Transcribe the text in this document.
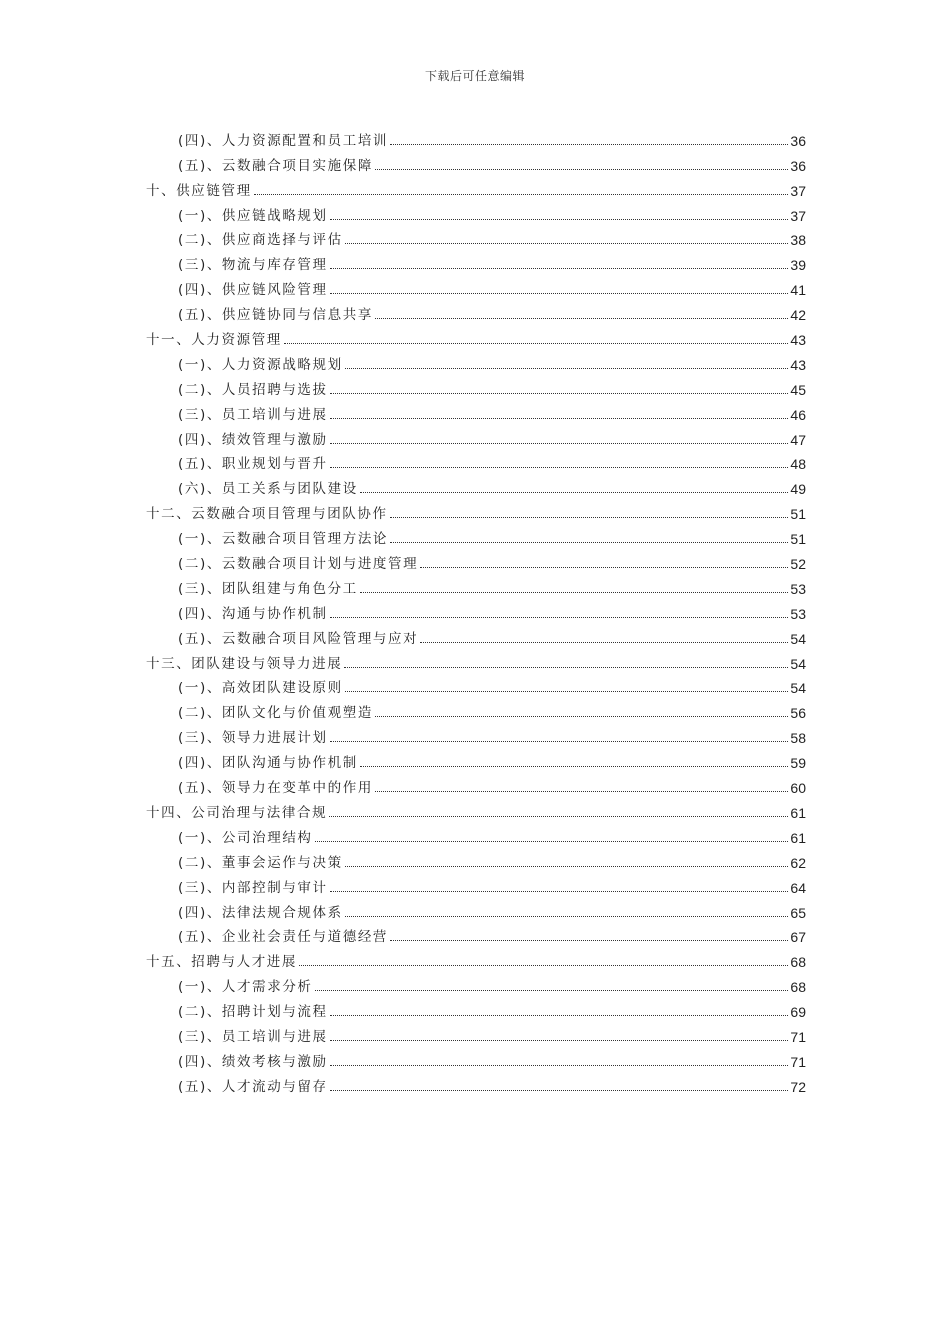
下载后可任意编辑
(四)、人力资源配置和员工培训	36
(五)、云数融合项目实施保障	36
十、供应链管理	37
(一)、供应链战略规划	37
(二)、供应商选择与评估	38
(三)、物流与库存管理	39
(四)、供应链风险管理	41
(五)、供应链协同与信息共享	42
十一、人力资源管理	43
(一)、人力资源战略规划	43
(二)、人员招聘与选拔	45
(三)、员工培训与进展	46
(四)、绩效管理与激励	47
(五)、职业规划与晋升	48
(六)、员工关系与团队建设	49
十二、云数融合项目管理与团队协作	51
(一)、云数融合项目管理方法论	51
(二)、云数融合项目计划与进度管理	52
(三)、团队组建与角色分工	53
(四)、沟通与协作机制	53
(五)、云数融合项目风险管理与应对	54
十三、团队建设与领导力进展	54
(一)、高效团队建设原则	54
(二)、团队文化与价值观塑造	56
(三)、领导力进展计划	58
(四)、团队沟通与协作机制	59
(五)、领导力在变革中的作用	60
十四、公司治理与法律合规	61
(一)、公司治理结构	61
(二)、董事会运作与决策	62
(三)、内部控制与审计	64
(四)、法律法规合规体系	65
(五)、企业社会责任与道德经营	67
十五、招聘与人才进展	68
(一)、人才需求分析	68
(二)、招聘计划与流程	69
(三)、员工培训与进展	71
(四)、绩效考核与激励	71
(五)、人才流动与留存	72
